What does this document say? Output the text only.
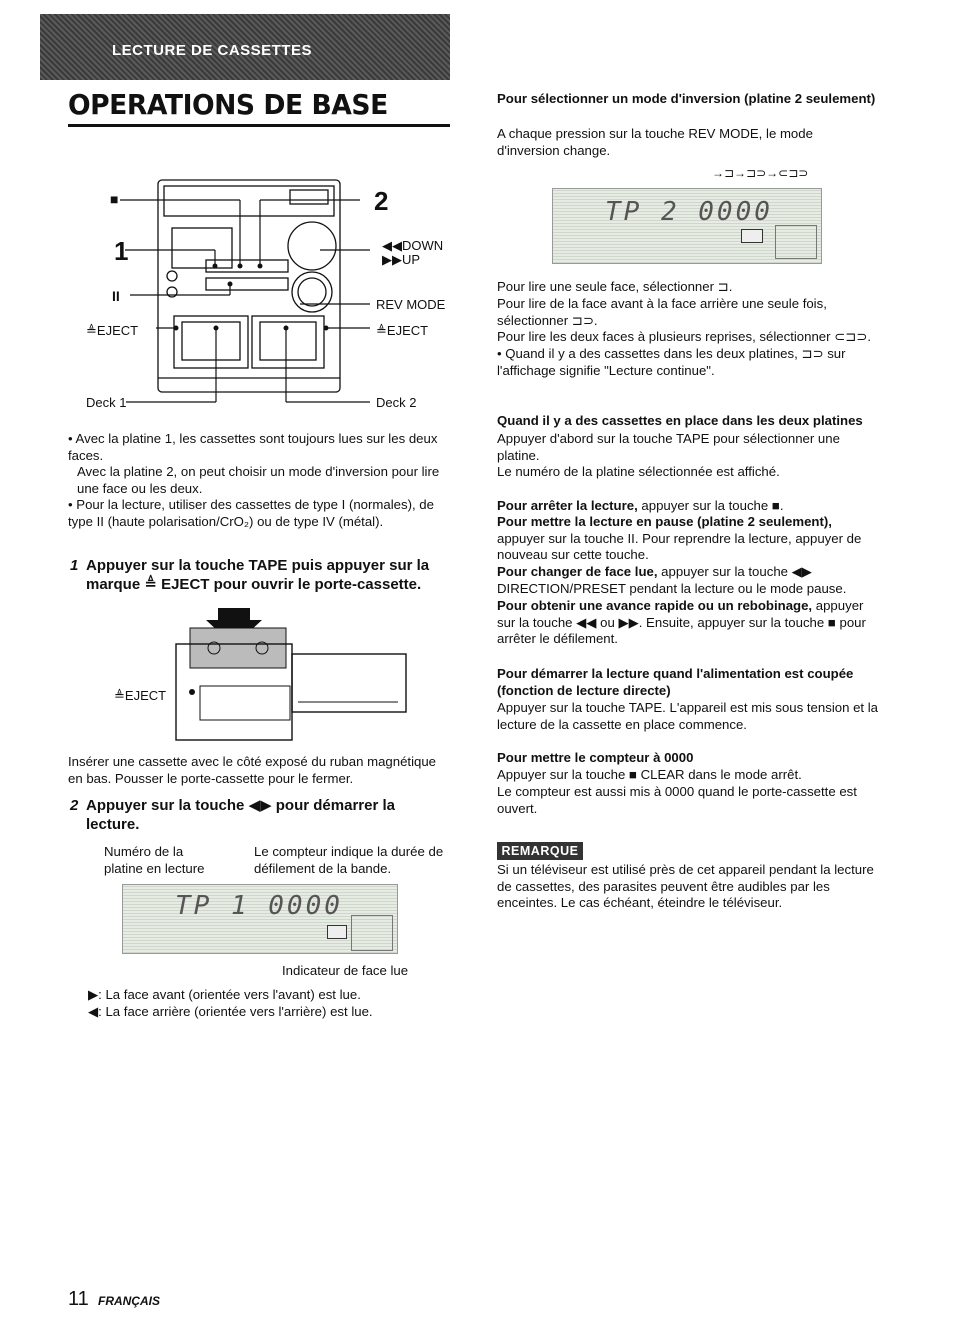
LECTURE DE CASSETTES
OPERATIONS DE BASE
■
1
II
≜EJECT
2
◀◀DOWN
▶▶UP
REV MODE
≜EJECT
Deck 1	Deck 2
• Avec la platine 1, les cassettes sont toujours lues sur les deux faces.
Avec la platine 2, on peut choisir un mode d'inversion pour lire une face ou les deux.
• Pour la lecture, utiliser des cassettes de type I (normales), de type II (haute polarisation/CrO₂) ou de type IV (métal).
1 Appuyer sur la touche TAPE puis appuyer sur la marque ≜ EJECT pour ouvrir le porte-cassette.
≜EJECT
Insérer une cassette avec le côté exposé du ruban magnétique en bas. Pousser le porte-cassette pour le fermer.
2 Appuyer sur la touche ◀▶ pour démarrer la lecture.
Numéro de la platine en lecture
Le compteur indique la durée de défilement de la bande.
TP 1 0000
Indicateur de face lue
▶: La face avant (orientée vers l'avant) est lue.
◀: La face arrière (orientée vers l'arrière) est lue.
Pour sélectionner un mode d'inversion (platine 2 seulement)
A chaque pression sur la touche REV MODE, le mode d'inversion change.
→⊐→⊐⊃→⊂⊐⊃
TP 2 0000
Pour lire une seule face, sélectionner ⊐.
Pour lire de la face avant à la face arrière une seule fois, sélectionner ⊐⊃.
Pour lire les deux faces à plusieurs reprises, sélectionner ⊂⊐⊃.
• Quand il y a des cassettes dans les deux platines, ⊐⊃ sur l'affichage signifie "Lecture continue".
Quand il y a des cassettes en place dans les deux platines
Appuyer d'abord sur la touche TAPE pour sélectionner une platine.
Le numéro de la platine sélectionnée est affiché.
Pour arrêter la lecture, appuyer sur la touche ■.
Pour mettre la lecture en pause (platine 2 seulement), appuyer sur la touche II. Pour reprendre la lecture, appuyer de nouveau sur cette touche.
Pour changer de face lue, appuyer sur la touche ◀▶ DIRECTION/PRESET pendant la lecture ou le mode pause.
Pour obtenir une avance rapide ou un rebobinage, appuyer sur la touche ◀◀ ou ▶▶. Ensuite, appuyer sur la touche ■ pour arrêter le défilement.
Pour démarrer la lecture quand l'alimentation est coupée (fonction de lecture directe)
Appuyer sur la touche TAPE. L'appareil est mis sous tension et la lecture de la cassette en place commence.
Pour mettre le compteur à 0000
Appuyer sur la touche ■ CLEAR dans le mode arrêt.
Le compteur est aussi mis à 0000 quand le porte-cassette est ouvert.
REMARQUE
Si un téléviseur est utilisé près de cet appareil pendant la lecture de cassettes, des parasites peuvent être audibles par les enceintes. Le cas échéant, éteindre le téléviseur.
11 FRANÇAIS
